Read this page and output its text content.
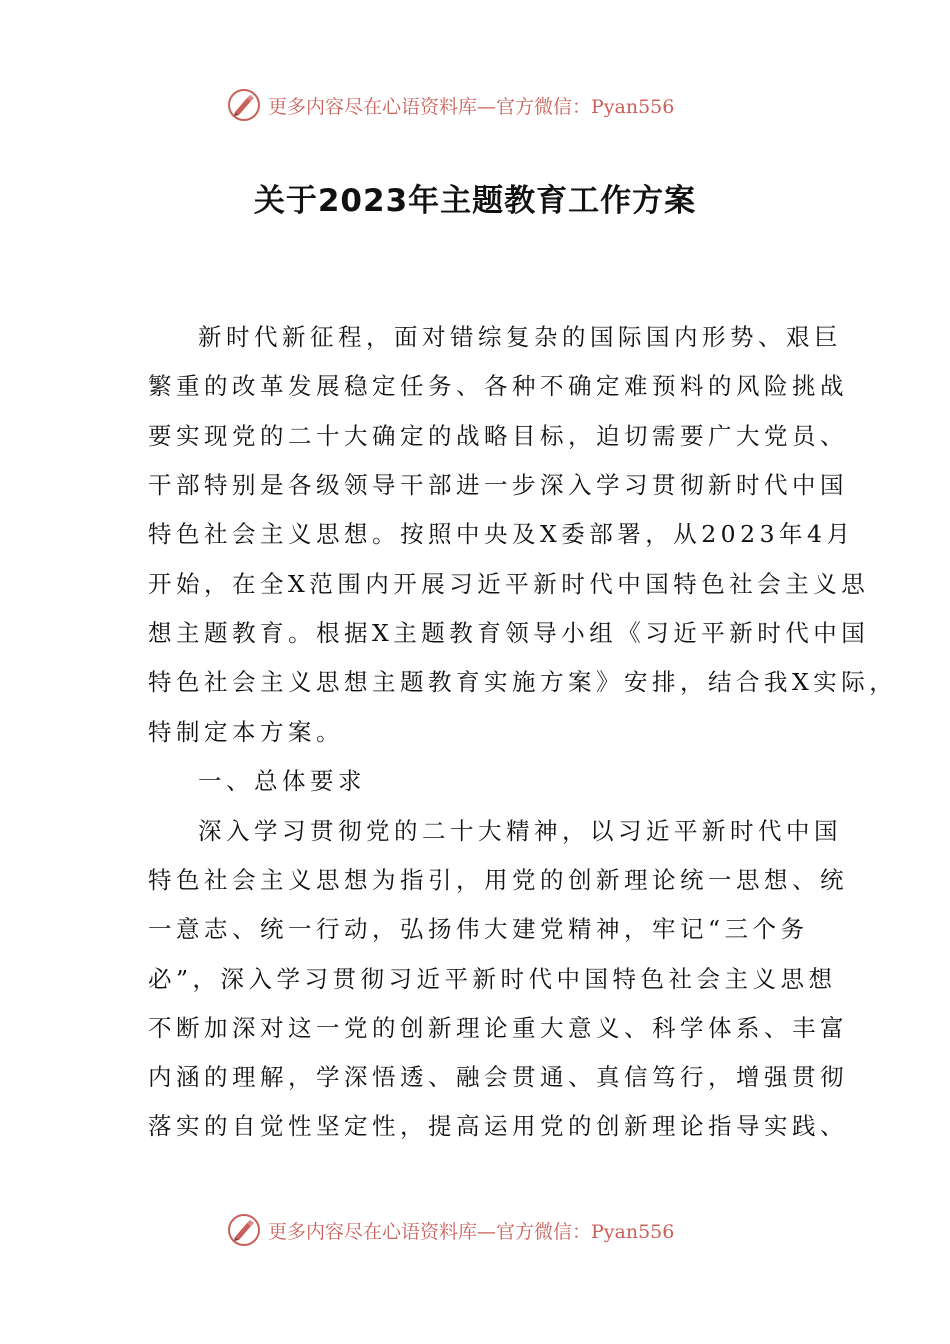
更多内容尽在心语资料库—官方微信：Pyan556
关于2023年主题教育工作方案
新时代新征程，面对错综复杂的国际国内形势、艰巨
繁重的改革发展稳定任务、各种不确定难预料的风险挑战
要实现党的二十大确定的战略目标，迫切需要广大党员、
干部特别是各级领导干部进一步深入学习贯彻新时代中国
特色社会主义思想。按照中央及X委部署，从2023年4月
开始，在全X范围内开展习近平新时代中国特色社会主义思
想主题教育。根据X主题教育领导小组《习近平新时代中国
特色社会主义思想主题教育实施方案》安排，结合我X实际，
特制定本方案。
一、总体要求
深入学习贯彻党的二十大精神，以习近平新时代中国
特色社会主义思想为指引，用党的创新理论统一思想、统
一意志、统一行动，弘扬伟大建党精神，牢记“三个务
必”，深入学习贯彻习近平新时代中国特色社会主义思想
不断加深对这一党的创新理论重大意义、科学体系、丰富
内涵的理解，学深悟透、融会贯通、真信笃行，增强贯彻
落实的自觉性坚定性，提高运用党的创新理论指导实践、
更多内容尽在心语资料库—官方微信：Pyan556
